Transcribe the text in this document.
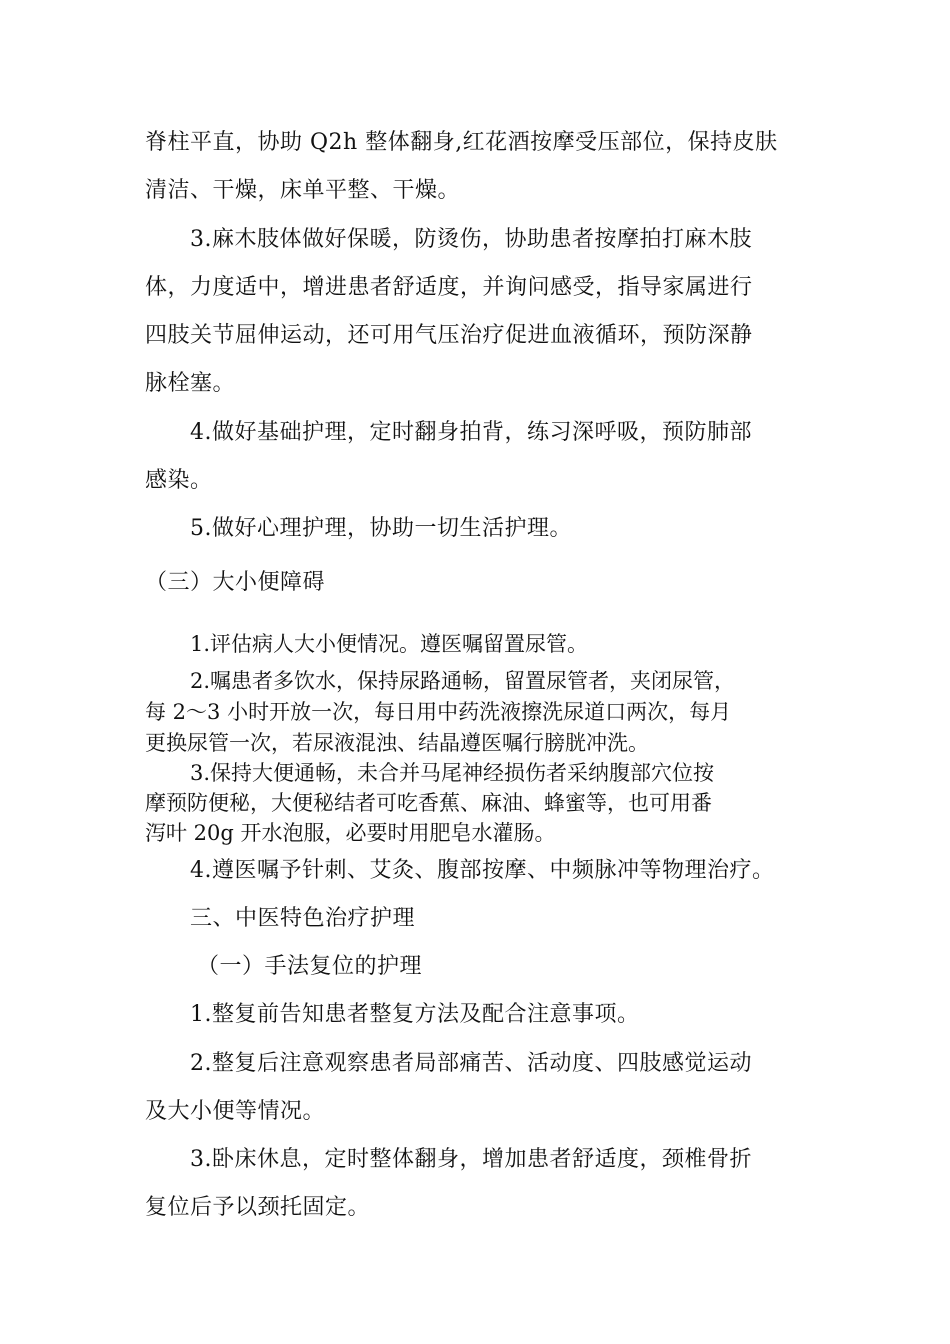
脊柱平直，协助 Q2h 整体翻身,红花酒按摩受压部位，保持皮肤
清洁、干燥，床单平整、干燥。
3.麻木肢体做好保暖，防烫伤，协助患者按摩拍打麻木肢
体，力度适中，增进患者舒适度，并询问感受，指导家属进行
四肢关节屈伸运动，还可用气压治疗促进血液循环，预防深静
脉栓塞。
4.做好基础护理，定时翻身拍背，练习深呼吸，预防肺部
感染。
5.做好心理护理，协助一切生活护理。
（三）大小便障碍
1.评估病人大小便情况。遵医嘱留置尿管。
2.嘱患者多饮水，保持尿路通畅，留置尿管者，夹闭尿管，
每 2～3 小时开放一次，每日用中药洗液擦洗尿道口两次，每月
更换尿管一次，若尿液混浊、结晶遵医嘱行膀胱冲洗。
3.保持大便通畅，未合并马尾神经损伤者采纳腹部穴位按
摩预防便秘，大便秘结者可吃香蕉、麻油、蜂蜜等，也可用番
泻叶 20g 开水泡服，必要时用肥皂水灌肠。
4.遵医嘱予针刺、艾灸、腹部按摩、中频脉冲等物理治疗。
三、中医特色治疗护理
（一）手法复位的护理
1.整复前告知患者整复方法及配合注意事项。
2.整复后注意观察患者局部痛苦、活动度、四肢感觉运动
及大小便等情况。
3.卧床休息，定时整体翻身，增加患者舒适度，颈椎骨折
复位后予以颈托固定。
